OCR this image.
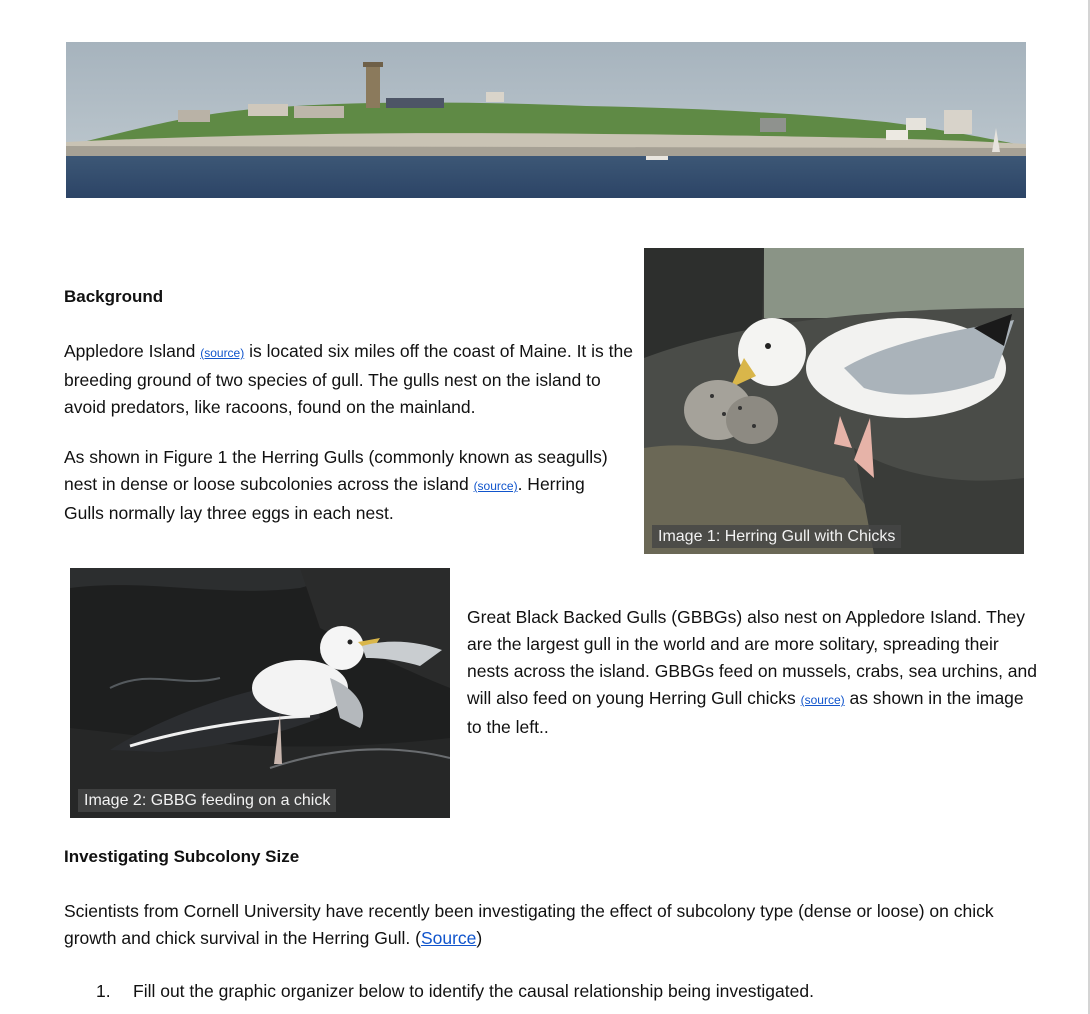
Image 1: Herring Gull with Chicks
Image 2: GBBG feeding on a chick
Background

Appledore Island (source) is located six miles off the coast of Maine. It is the breeding ground of two species of gull. The gulls nest on the island to avoid predators, like racoons, found on the mainland.

As shown in Figure 1 the Herring Gulls (commonly known as seagulls) nest in dense or loose subcolonies across the island (source). Herring Gulls normally lay three eggs in each nest.

Great Black Backed Gulls (GBBGs) also nest on Appledore Island. They are the largest gull in the world and are more solitary, spreading their nests across the island. GBBGs feed on mussels, crabs, sea urchins, and will also feed on young Herring Gull chicks (source) as shown in the image to the left..

Investigating Subcolony Size

Scientists from Cornell University have recently been investigating the effect of subcolony type (dense or loose) on chick growth and chick survival in the Herring Gull. (Source)

1. Fill out the graphic organizer below to identify the causal relationship being investigated.
